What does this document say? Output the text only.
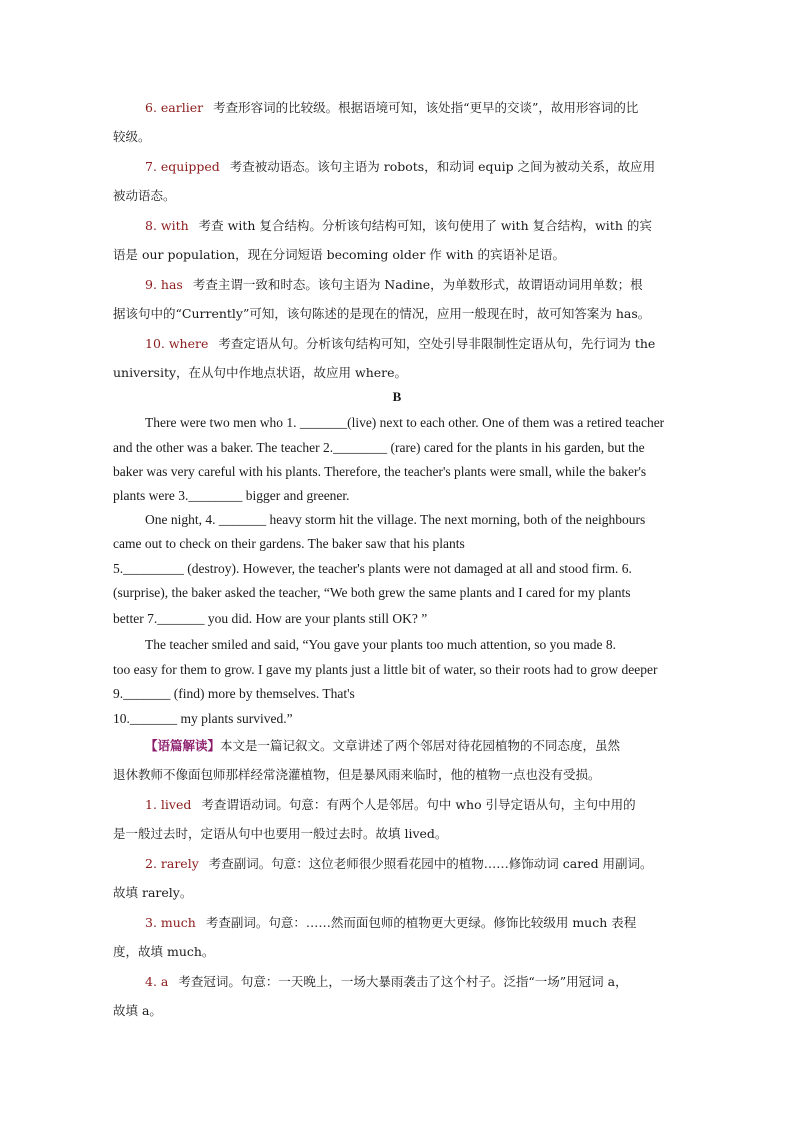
6. earlier 考查形容词的比较级。根据语境可知，该处指“更早的交谈”，故用形容词的比
较级。
7. equipped 考查被动语态。该句主语为 robots，和动词 equip 之间为被动关系，故应用
被动语态。
8. with 考查 with 复合结构。分析该句结构可知，该句使用了 with 复合结构，with 的宾
语是 our population，现在分词短语 becoming older 作 with 的宾语补足语。
9. has 考查主谓一致和时态。该句主语为 Nadine，为单数形式，故谓语动词用单数；根
据该句中的“Currently”可知，该句陈述的是现在的情况，应用一般现在时，故可知答案为 has。
10. where 考查定语从句。分析该句结构可知，空处引导非限制性定语从句，先行词为 the
university，在从句中作地点状语，故应用 where。
B
There were two men who 1. _______(live) next to each other. One of them was a retired teacher
and the other was a baker. The teacher 2.________ (rare) cared for the plants in his garden, but the
baker was very careful with his plants. Therefore, the teacher's plants were small, while the baker's
plants were 3.________ bigger and greener.
One night, 4. _______ heavy storm hit the village. The next morning, both of the neighbours
came out to check on their gardens. The baker saw that his plants
5._________ (destroy). However, the teacher's plants were not damaged at all and stood firm. 6.
(surprise), the baker asked the teacher, “We both grew the same plants and I cared for my plants
better 7._______ you did. How are your plants still OK? ”
The teacher smiled and said, “You gave your plants too much attention, so you made 8.
too easy for them to grow. I gave my plants just a little bit of water, so their roots had to grow deeper
9._______ (find) more by themselves. That's
10._______ my plants survived.”
【语篇解读】本文是一篇记叙文。文章讲述了两个邻居对待花园植物的不同态度，虽然
退休教师不像面包师那样经常浇灌植物，但是暴风雨来临时，他的植物一点也没有受损。
1. lived 考查谓语动词。句意：有两个人是邻居。句中 who 引导定语从句，主句中用的
是一般过去时，定语从句中也要用一般过去时。故填 lived。
2. rarely 考查副词。句意：这位老师很少照看花园中的植物……修饰动词 cared 用副词。
故填 rarely。
3. much 考查副词。句意：……然而面包师的植物更大更绿。修饰比较级用 much 表程
度，故填 much。
4. a 考查冠词。句意：一天晚上，一场大暴雨袭击了这个村子。泛指“一场”用冠词 a，
故填 a。
